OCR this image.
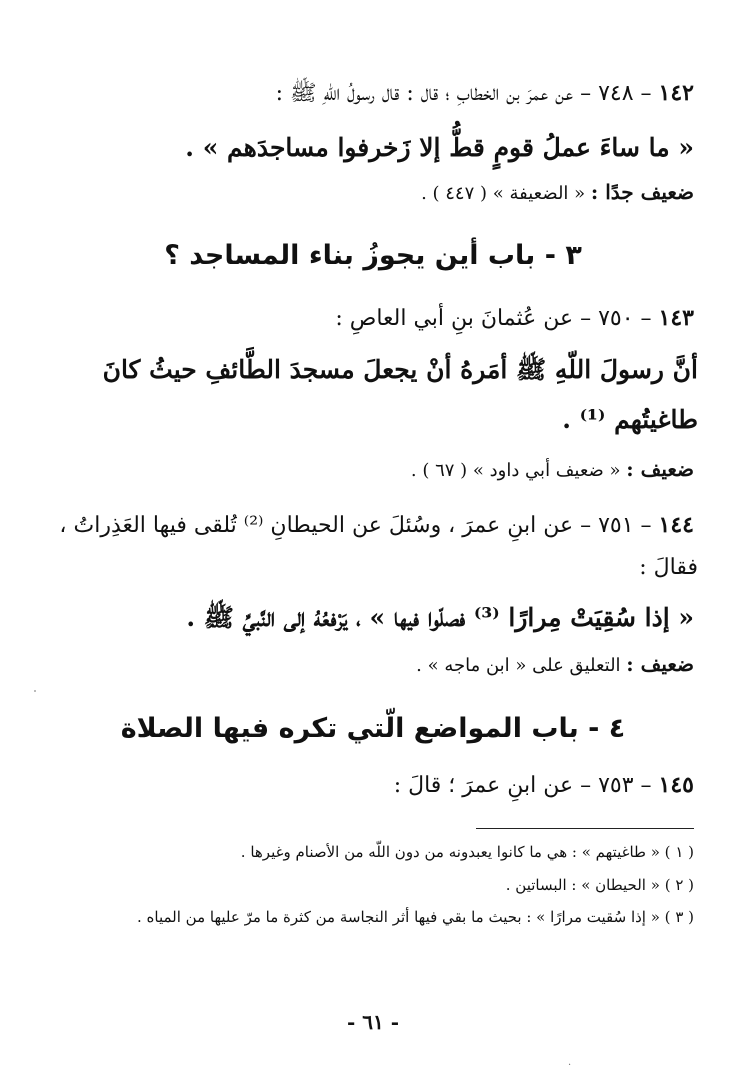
١٤٢ – ٧٤٨ – عن عمرَ بن الخطابِ ؛ قال : قال رسولُ اللّهِ ﷺ :
« ما ساءَ عملُ قومٍ قطُّ إلا زَخرفوا مساجدَهم » .
ضعيف جدًا : « الضعيفة » ( ٤٤٧ ) .
٣ - باب أين يجوزُ بناء المساجد ؟
١٤٣ – ٧٥٠ – عن عُثمانَ بنِ أبي العاصِ :
أنَّ رسولَ اللّهِ ﷺ أمَرهُ أنْ يجعلَ مسجدَ الطَّائفِ حيثُ كانَ
طاغيتُهم ⁽¹⁾ .
ضعيف : « ضعيف أبي داود » ( ٦٧ ) .
١٤٤ – ٧٥١ – عن ابنِ عمرَ ، وسُئلَ عن الحيطانِ ⁽²⁾ تُلقى فيها العَذِراتُ ،
فقالَ :
« إذا سُقِيَتْ مِرارًا ⁽³⁾ فصلّوا فيها » ، يَرْفعُهُ إلى النَّبيِّ ﷺ .
ضعيف : التعليق على « ابن ماجه » .
٤ - باب المواضع الّتي تكره فيها الصلاة
١٤٥ – ٧٥٣ – عن ابنِ عمرَ ؛ قالَ :
( ١ ) « طاغيتهم » : هي ما كانوا يعبدونه من دون اللّه من الأصنام وغيرها .
( ٢ ) « الحيطان » : البساتين .
( ٣ ) « إذا سُقيت مرارًا » : بحيث ما بقي فيها أثر النجاسة من كثرة ما مرّ عليها من المياه .
- ٦١ -
·
